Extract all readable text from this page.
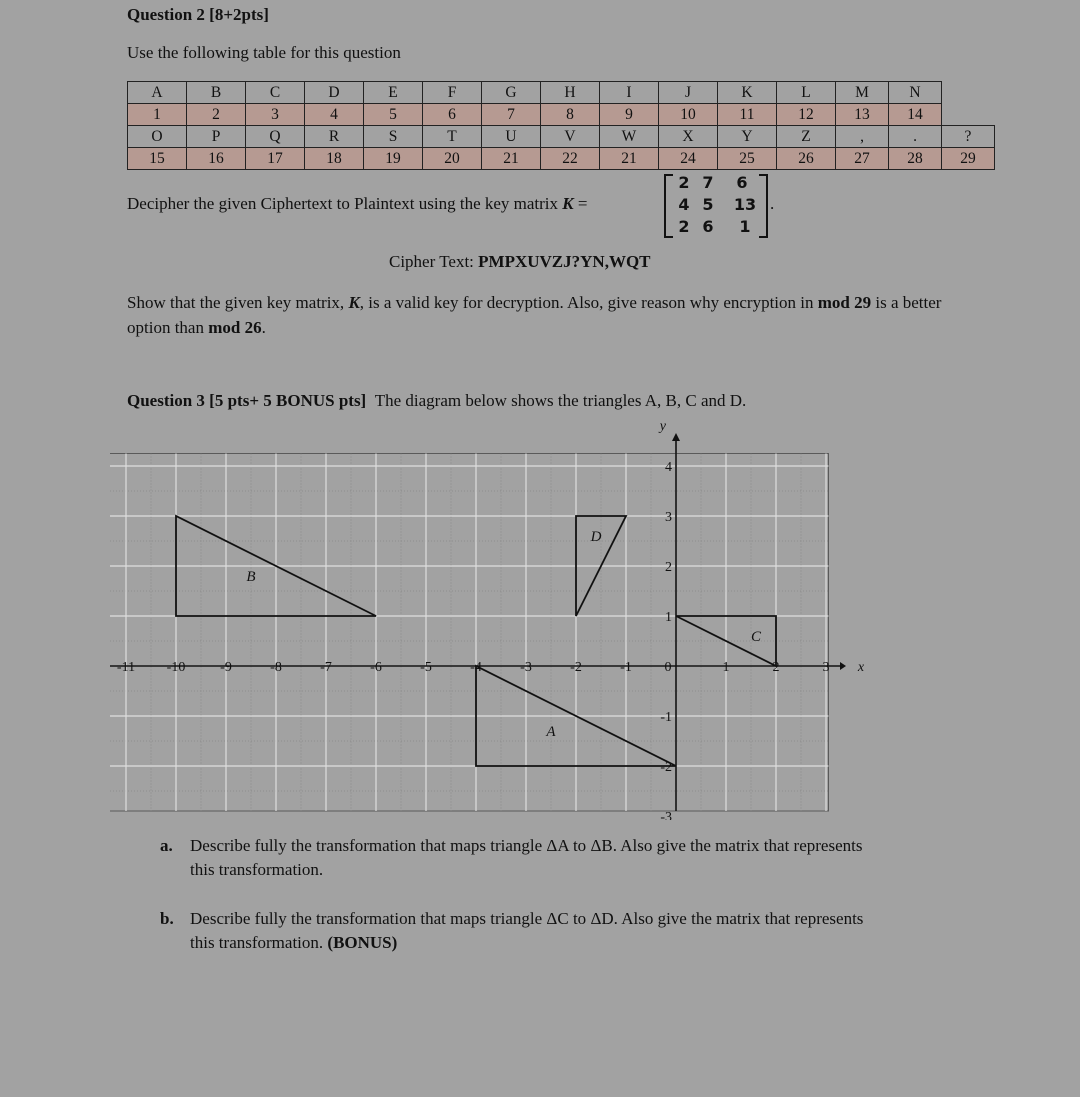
Question 2 [8+2pts]
Use the following table for this question
A	B	C	D	E	F	G	H	I	J	K	L	M	N	
1	2	3	4	5	6	7	8	9	10	11	12	13	14	
O	P	Q	R	S	T	U	V	W	X	Y	Z	,	.	?
15	16	17	18	19	20	21	22	21	24	25	26	27	28	29
Decipher the given Ciphertext to Plaintext using the key matrix K =
2 7	6
4 5	13
2 6	1
.
Cipher Text: PMPXUVZJ?YN,WQT
Show that the given key matrix, K, is a valid key for decryption. Also, give reason why encryption in mod 29 is a better option than mod 26.
Question 3 [5 pts+ 5 BONUS pts] The diagram below shows the triangles A, B, C and D.
-11 -10 -9	-8	-7	-6	-5	-4	-3	-2	-1 0	1	2	3
4
3
2
1
-1
-2
-3
x
y
A
B
C
D
a. Describe fully the transformation that maps triangle ΔA to ΔB. Also give the matrix that represents this transformation.
b. Describe fully the transformation that maps triangle ΔC to ΔD. Also give the matrix that represents this transformation. (BONUS)
